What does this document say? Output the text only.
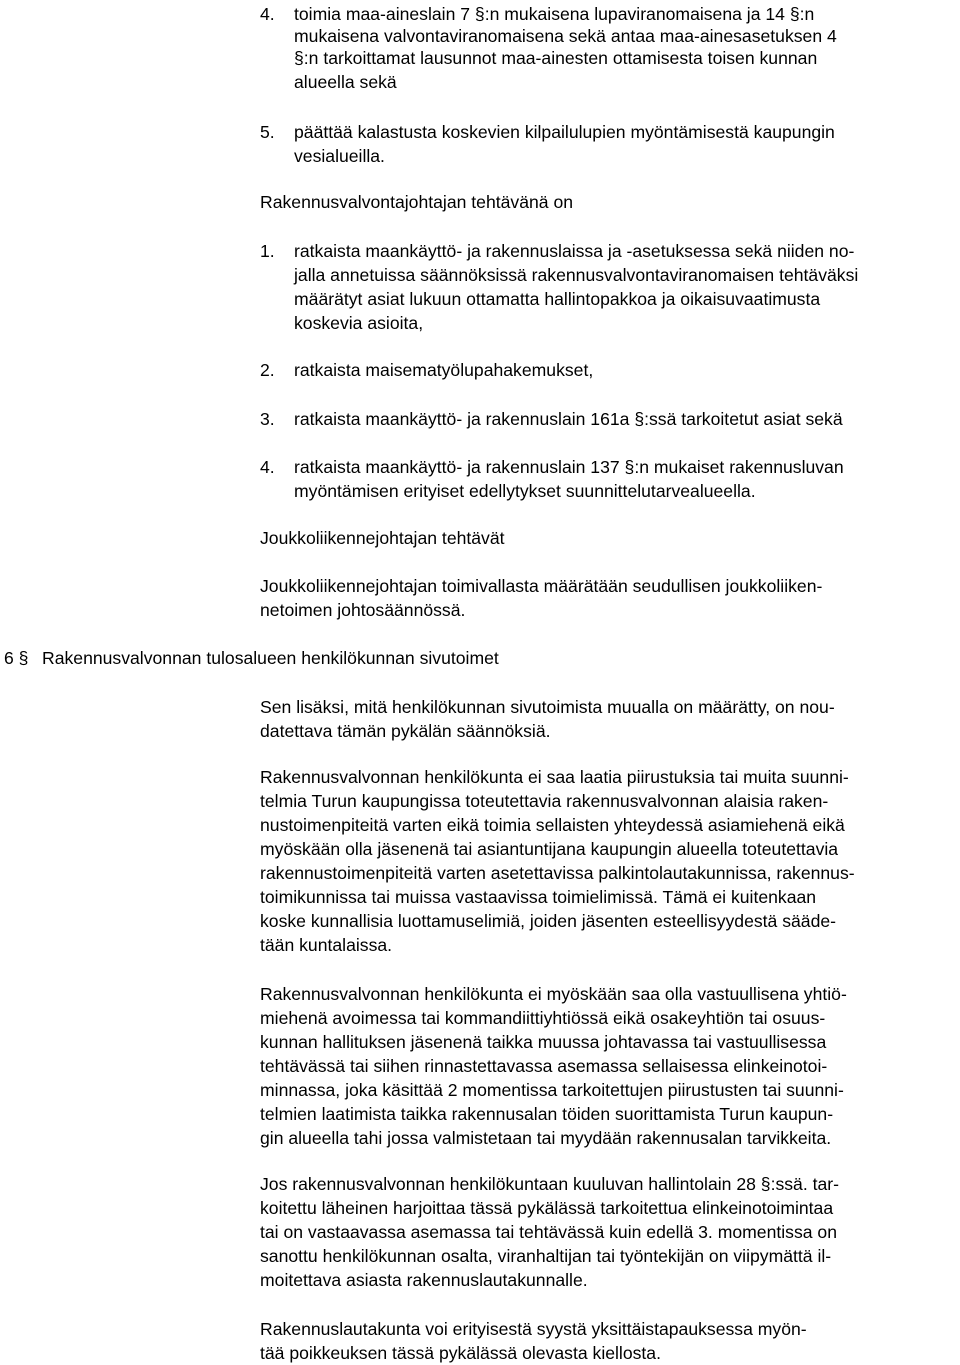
4. toimia maa-aineslain 7 §:n mukaisena lupaviranomaisena ja 14 §:n
mukaisena valvontaviranomaisena sekä antaa maa-ainesasetuksen 4
§:n tarkoittamat lausunnot maa-ainesten ottamisesta toisen kunnan
alueella sekä
5. päättää kalastusta koskevien kilpailulupien myöntämisestä kaupungin
vesialueilla.
Rakennusvalvontajohtajan tehtävänä on
1. ratkaista maankäyttö- ja rakennuslaissa ja -asetuksessa sekä niiden no-
jalla annetuissa säännöksissä rakennusvalvontaviranomaisen tehtäväksi
määrätyt asiat lukuun ottamatta hallintopakkoa ja oikaisuvaatimusta
koskevia asioita,
2. ratkaista maisematyölupahakemukset,
3. ratkaista maankäyttö- ja rakennuslain 161a §:ssä tarkoitetut asiat sekä
4. ratkaista maankäyttö- ja rakennuslain 137 §:n mukaiset rakennusluvan
myöntämisen erityiset edellytykset suunnittelutarvealueella.
Joukkoliikennejohtajan tehtävät
Joukkoliikennejohtajan toimivallasta määrätään seudullisen joukkoliiken-
netoimen johtosäännössä.
6 § Rakennusvalvonnan tulosalueen henkilökunnan sivutoimet
Sen lisäksi, mitä henkilökunnan sivutoimista muualla on määrätty, on nou-
datettava tämän pykälän säännöksiä.
Rakennusvalvonnan henkilökunta ei saa laatia piirustuksia tai muita suunni-
telmia Turun kaupungissa toteutettavia rakennusvalvonnan alaisia raken-
nustoimenpiteitä varten eikä toimia sellaisten yhteydessä asiamiehenä eikä
myöskään olla jäsenenä tai asiantuntijana kaupungin alueella toteutettavia
rakennustoimenpiteitä varten asetettavissa palkintolautakunnissa, rakennus-
toimikunnissa tai muissa vastaavissa toimielimissä. Tämä ei kuitenkaan
koske kunnallisia luottamuselimiä, joiden jäsenten esteellisyydestä sääde-
tään kuntalaissa.
Rakennusvalvonnan henkilökunta ei myöskään saa olla vastuullisena yhtiö-
miehenä avoimessa tai kommandiittiyhtiössä eikä osakeyhtiön tai osuus-
kunnan hallituksen jäsenenä taikka muussa johtavassa tai vastuullisessa
tehtävässä tai siihen rinnastettavassa asemassa sellaisessa elinkeinotoi-
minnassa, joka käsittää 2 momentissa tarkoitettujen piirustusten tai suunni-
telmien laatimista taikka rakennusalan töiden suorittamista Turun kaupun-
gin alueella tahi jossa valmistetaan tai myydään rakennusalan tarvikkeita.
Jos rakennusvalvonnan henkilökuntaan kuuluvan hallintolain 28 §:ssä. tar-
koitettu läheinen harjoittaa tässä pykälässä tarkoitettua elinkeinotoimintaa
tai on vastaavassa asemassa tai tehtävässä kuin edellä 3. momentissa on
sanottu henkilökunnan osalta, viranhaltijan tai työntekijän on viipymättä il-
moitettava asiasta rakennuslautakunnalle.
Rakennuslautakunta voi erityisestä syystä yksittäistapauksessa myön-
tää poikkeuksen tässä pykälässä olevasta kiellosta.
